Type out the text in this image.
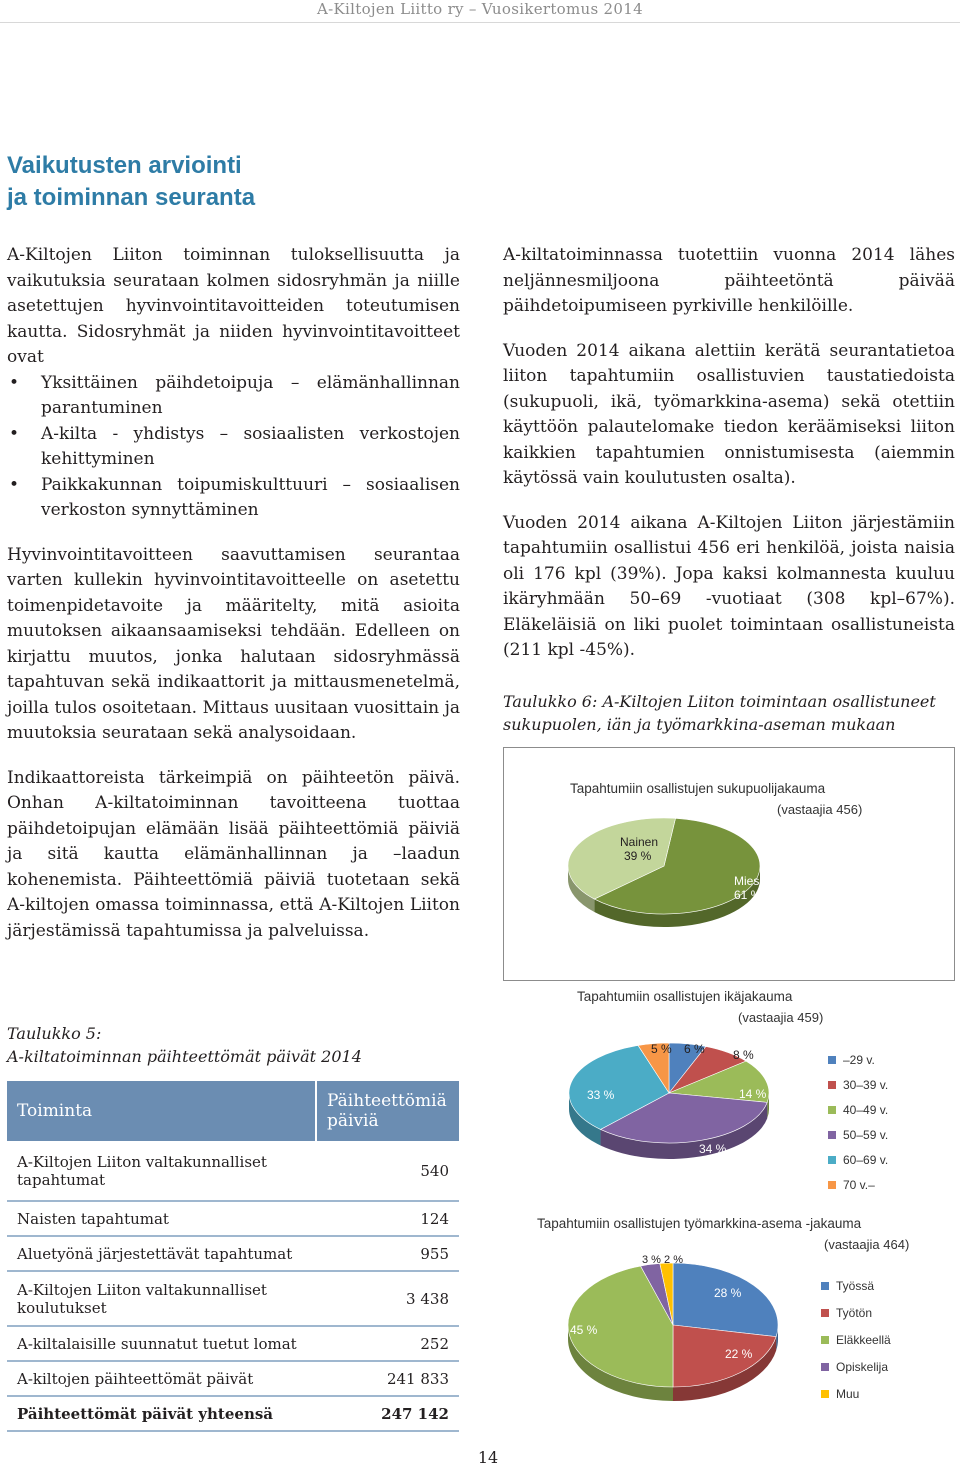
A-Kiltojen Liitto ry – Vuosikertomus 2014
Vaikutusten arviointi
ja toiminnan seuranta

A-Kiltojen Liiton toiminnan tuloksellisuutta ja vaikutuksia seurataan kolmen sidosryhmän ja niille asetettujen hyvinvointitavoitteiden toteutumisen kautta. Sidosryhmät ja niiden hyvinvointitavoitteet ovat

• Yksittäinen päihdetoipuja – elämänhallinnan parantuminen
• A-kilta - yhdistys – sosiaalisten verkostojen kehittyminen
• Paikkakunnan toipumiskulttuuri – sosiaalisen verkoston synnyttäminen

Hyvinvointitavoitteen saavuttamisen seurantaa varten kullekin hyvinvointitavoitteelle on asetettu toimenpidetavoite ja määritelty, mitä asioita muutoksen aikaansaamiseksi tehdään. Edelleen on kirjattu muutos, jonka halutaan sidosryhmässä tapahtuvan sekä indikaattorit ja mittausmenetelmä, joilla tulos osoitetaan. Mittaus uusitaan vuosittain ja muutoksia seurataan sekä analysoidaan.

Indikaattoreista tärkeimpiä on päihteetön päivä. Onhan A-kiltatoiminnan tavoitteena tuottaa päihdetoipujan elämään lisää päihteettömiä päiviä ja sitä kautta elämänhallinnan ja –laadun kohenemista. Päihteettömiä päiviä tuotetaan sekä A-kiltojen omassa toiminnassa, että A-Kiltojen Liiton järjestämissä tapahtumissa ja palveluissa.

A-kiltatoiminnassa tuotettiin vuonna 2014 lähes neljännesmiljoona päihteetöntä päivää päihdetoipumiseen pyrkiville henkilöille.

Vuoden 2014 aikana alettiin kerätä seurantatietoa liiton tapahtumiin osallistuvien taustatiedoista (sukupuoli, ikä, työmarkkina-asema) sekä otettiin käyttöön palautelomake tiedon keräämiseksi liiton kaikkien tapahtumien onnistumisesta (aiemmin käytössä vain koulutusten osalta).

Vuoden 2014 aikana A-Kiltojen Liiton järjestämiin tapahtumiin osallistui 456 eri henkilöä, joista naisia oli 176 kpl (39%). Jopa kaksi kolmannesta kuuluu ikäryhmään 50–69 -vuotiaat (308 kpl–67%). Eläkeläisiä on liki puolet toimintaan osallistuneista (211 kpl -45%).

Taulukko 6: A-Kiltojen Liiton toimintaan osallistuneet
sukupuolen, iän ja työmarkkina-aseman mukaan
Taulukko 5:
A-kiltatoiminnan päihteettömät päivät 2014
Toiminta	Päihteettömiä päiviä
A-Kiltojen Liiton valtakunnalliset tapahtumat	540
Naisten tapahtumat	124
Aluetyönä järjestettävät tapahtumat	955
A-Kiltojen Liiton valtakunnalliset koulutukset	3 438
A-kiltalaisille suunnatut tuetut lomat	252
A-kiltojen päihteettömät päivät	241 833
Päihteettömät päivät yhteensä	247 142
Tapahtumiin osallistujen sukupuolijakauma
(vastaajia 456)
Nainen
39 %
Mies
61 %
Tapahtumiin osallistujen ikäjakauma
(vastaajia 459)
5 % 6 % 8 %
14 %
34 %
33 %
–29 v.
30–39 v.
40–49 v.
50–59 v.
60–69 v.
70 v.–
Tapahtumiin osallistujen työmarkkina-asema -jakauma
(vastaajia 464)
3 % 2 %
28 %
22 %
45 %
Työssä
Työtön
Eläkkeellä
Opiskelija
Muu
14
